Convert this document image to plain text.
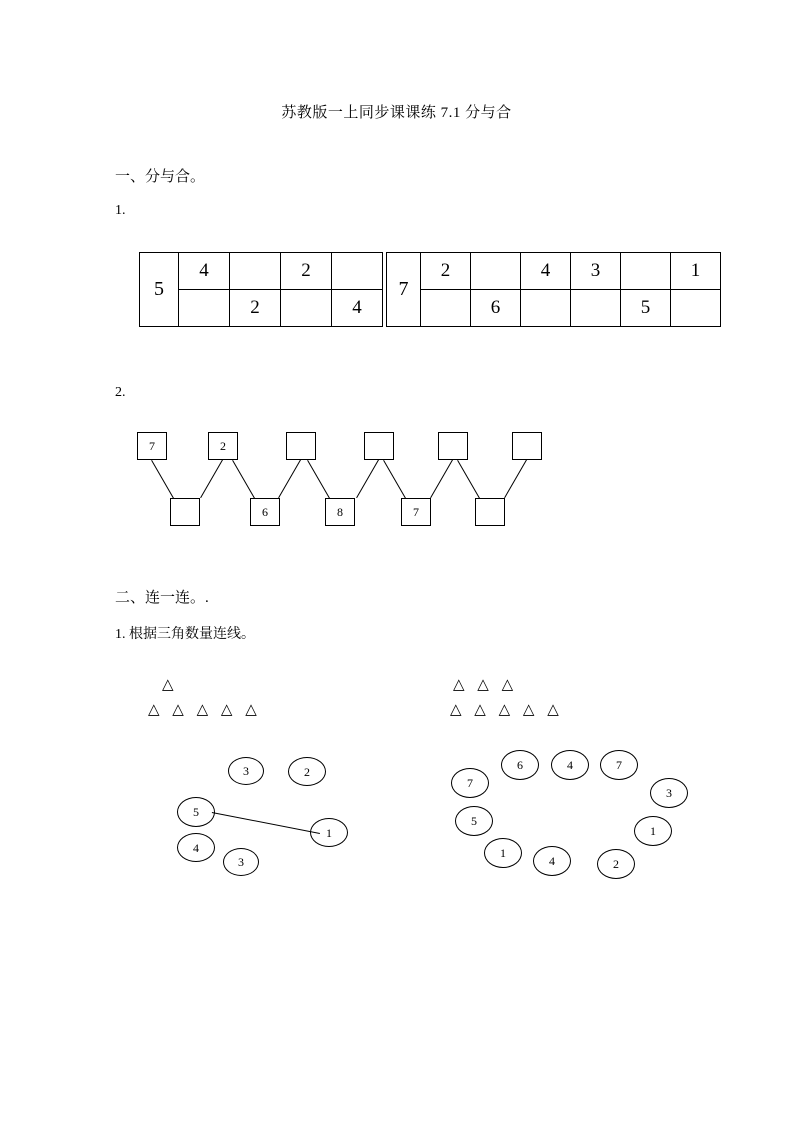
苏教版一上同步课课练 7.1 分与合
一、分与合。
1.
5	4		2	
		2		4
7	2		4	3		1
		6			5	
2.
7	2
6	8	7
二、连一连。.
1. 根据三角数量连线。
△
△ △ △ △ △
△ △ △
△ △ △ △ △
3	2
5
1
4
3
6	4	7
7
3
5
1
1
4	2
